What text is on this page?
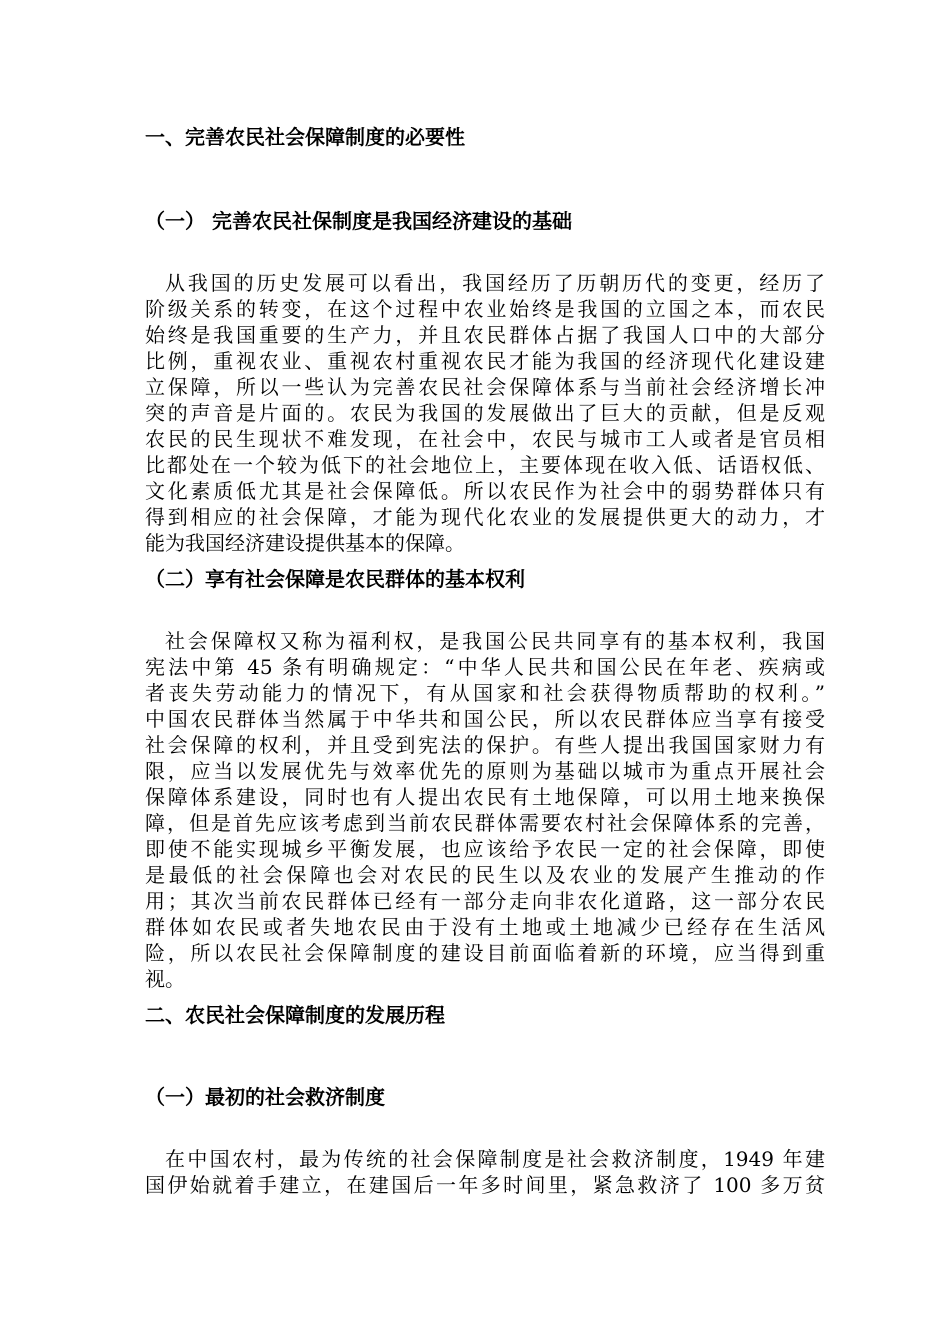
一、完善农民社会保障制度的必要性
（一） 完善农民社保制度是我国经济建设的基础
从我国的历史发展可以看出，我国经历了历朝历代的变更，经历了
阶级关系的转变，在这个过程中农业始终是我国的立国之本，而农民
始终是我国重要的生产力，并且农民群体占据了我国人口中的大部分
比例，重视农业、重视农村重视农民才能为我国的经济现代化建设建
立保障，所以一些认为完善农民社会保障体系与当前社会经济增长冲
突的声音是片面的。农民为我国的发展做出了巨大的贡献，但是反观
农民的民生现状不难发现，在社会中，农民与城市工人或者是官员相
比都处在一个较为低下的社会地位上，主要体现在收入低、话语权低、
文化素质低尤其是社会保障低。所以农民作为社会中的弱势群体只有
得到相应的社会保障，才能为现代化农业的发展提供更大的动力，才
能为我国经济建设提供基本的保障。
（二）享有社会保障是农民群体的基本权利
社会保障权又称为福利权，是我国公民共同享有的基本权利，我国
宪法中第 45 条有明确规定：“中华人民共和国公民在年老、疾病或
者丧失劳动能力的情况下，有从国家和社会获得物质帮助的权利。”
中国农民群体当然属于中华共和国公民，所以农民群体应当享有接受
社会保障的权利，并且受到宪法的保护。有些人提出我国国家财力有
限，应当以发展优先与效率优先的原则为基础以城市为重点开展社会
保障体系建设，同时也有人提出农民有土地保障，可以用土地来换保
障，但是首先应该考虑到当前农民群体需要农村社会保障体系的完善，
即使不能实现城乡平衡发展，也应该给予农民一定的社会保障，即使
是最低的社会保障也会对农民的民生以及农业的发展产生推动的作
用；其次当前农民群体已经有一部分走向非农化道路，这一部分农民
群体如农民或者失地农民由于没有土地或土地减少已经存在生活风
险，所以农民社会保障制度的建设目前面临着新的环境，应当得到重
视。
二、农民社会保障制度的发展历程
（一）最初的社会救济制度
在中国农村，最为传统的社会保障制度是社会救济制度，1949 年建
国伊始就着手建立，在建国后一年多时间里，紧急救济了 100 多万贫
